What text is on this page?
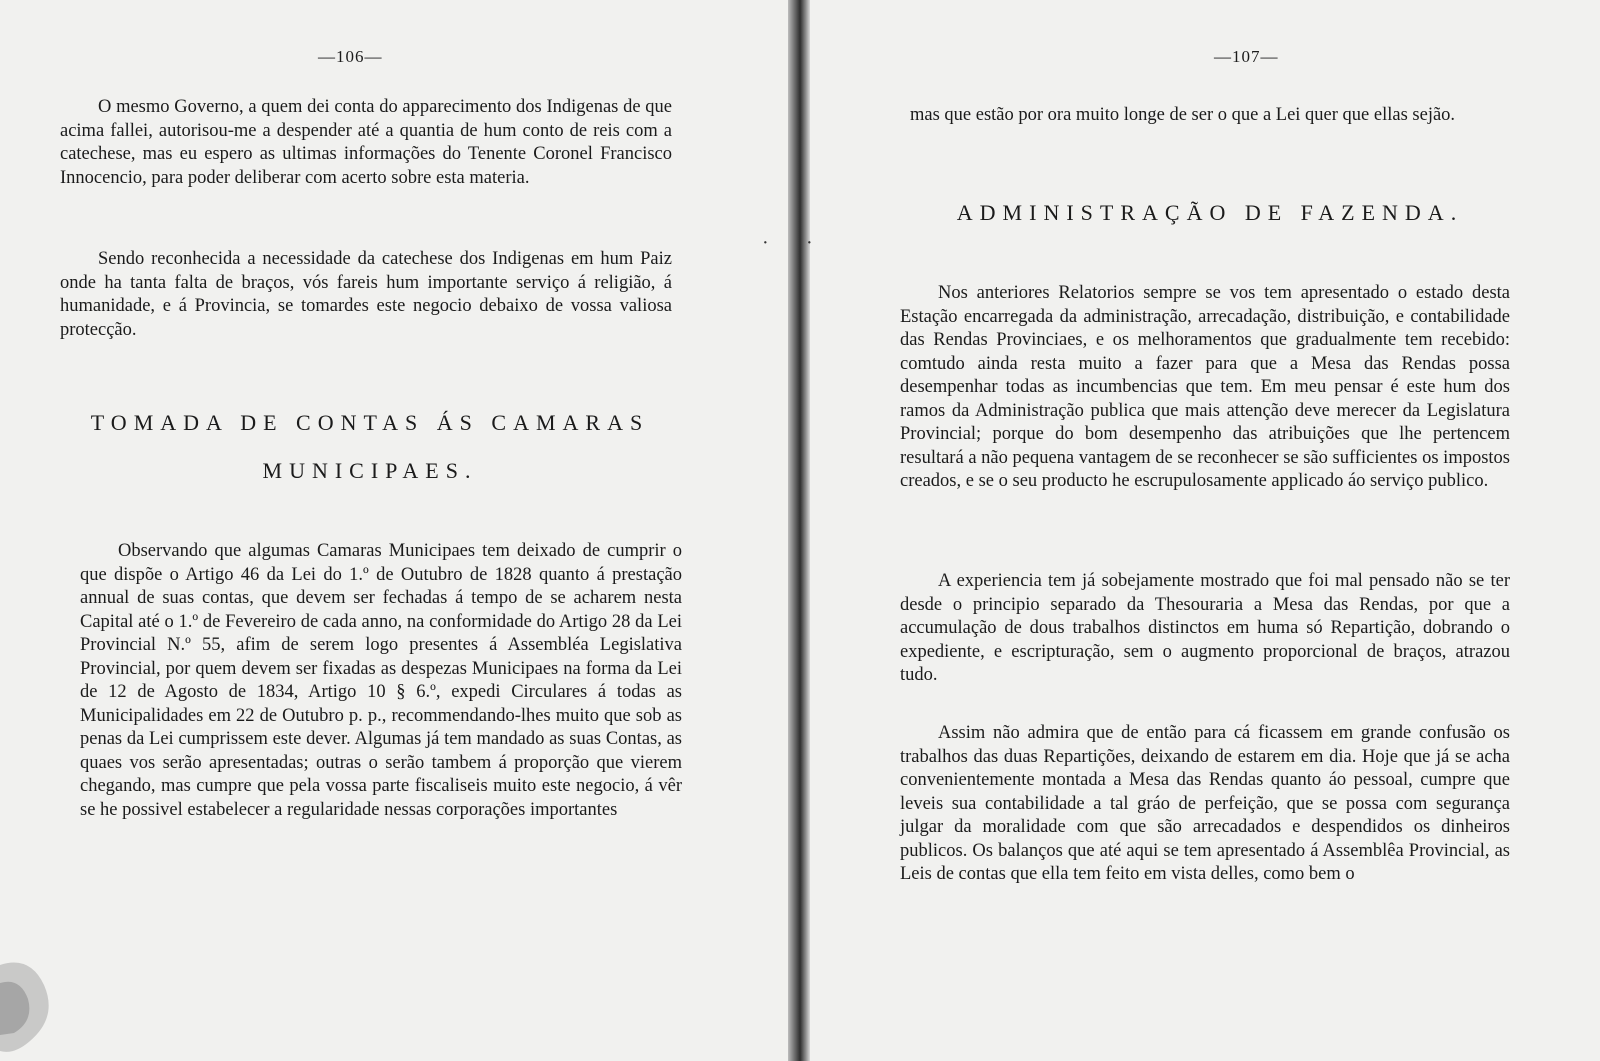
—106—

O mesmo Governo, a quem dei conta do apparecimento dos Indigenas de que acima fallei, autorisou-me a despender até a quantia de hum conto de reis com a catechese, mas eu espero as ultimas informações do Tenente Coronel Francisco Innocencio, para poder deliberar com acerto sobre esta materia.

Sendo reconhecida a necessidade da catechese dos Indigenas em hum Paiz onde ha tanta falta de braços, vós fareis hum importante serviço á religião, á humanidade, e á Provincia, se tomardes este negocio debaixo de vossa valiosa protecção.

·

TOMADA DE CONTAS ÁS CAMARAS

MUNICIPAES.

Observando que algumas Camaras Municipaes tem deixado de cumprir o que dispõe o Artigo 46 da Lei do 1.º de Outubro de 1828 quanto á prestação annual de suas contas, que devem ser fechadas á tempo de se acharem nesta Capital até o 1.º de Fevereiro de cada anno, na conformidade do Artigo 28 da Lei Provincial N.º 55, afim de serem logo presentes á Assembléa Legislativa Provincial, por quem devem ser fixadas as despezas Municipaes na forma da Lei de 12 de Agosto de 1834, Artigo 10 § 6.º, expedi Circulares á todas as Municipalidades em 22 de Outubro p. p., recommendando-lhes muito que sob as penas da Lei cumprissem este dever. Algumas já tem mandado as suas Contas, as quaes vos serão apresentadas; outras o serão tambem á proporção que vierem chegando, mas cumpre que pela vossa parte fiscaliseis muito este negocio, á vêr se he possivel estabelecer a regularidade nessas corporações importantes

—107—

mas que estão por ora muito longe de ser o que a Lei quer que ellas sejão.

ADMINISTRAÇÃO DE FAZENDA.

Nos anteriores Relatorios sempre se vos tem apresentado o estado desta Estação encarregada da administração, arrecadação, distribuição, e contabilidade das Rendas Provinciaes, e os melhoramentos que gradualmente tem recebido: comtudo ainda resta muito a fazer para que a Mesa das Rendas possa desempenhar todas as incumbencias que tem. Em meu pensar é este hum dos ramos da Administração publica que mais attenção deve merecer da Legislatura Provincial; porque do bom desempenho das atribuições que lhe pertencem resultará a não pequena vantagem de se reconhecer se são sufficientes os impostos creados, e se o seu producto he escrupulosamente applicado áo serviço publico.

A experiencia tem já sobejamente mostrado que foi mal pensado não se ter desde o principio separado da Thesouraria a Mesa das Rendas, por que a accumulação de dous trabalhos distinctos em huma só Repartição, dobrando o expediente, e escripturação, sem o augmento proporcional de braços, atrazou tudo.

Assim não admira que de então para cá ficassem em grande confusão os trabalhos das duas Repartições, deixando de estarem em dia. Hoje que já se acha convenientemente montada a Mesa das Rendas quanto áo pessoal, cumpre que leveis sua contabilidade a tal gráo de perfeição, que se possa com segurança julgar da moralidade com que são arrecadados e despendidos os dinheiros publicos. Os balanços que até aqui se tem apresentado á Assemblêa Provincial, as Leis de contas que ella tem feito em vista delles, como bem o

·
